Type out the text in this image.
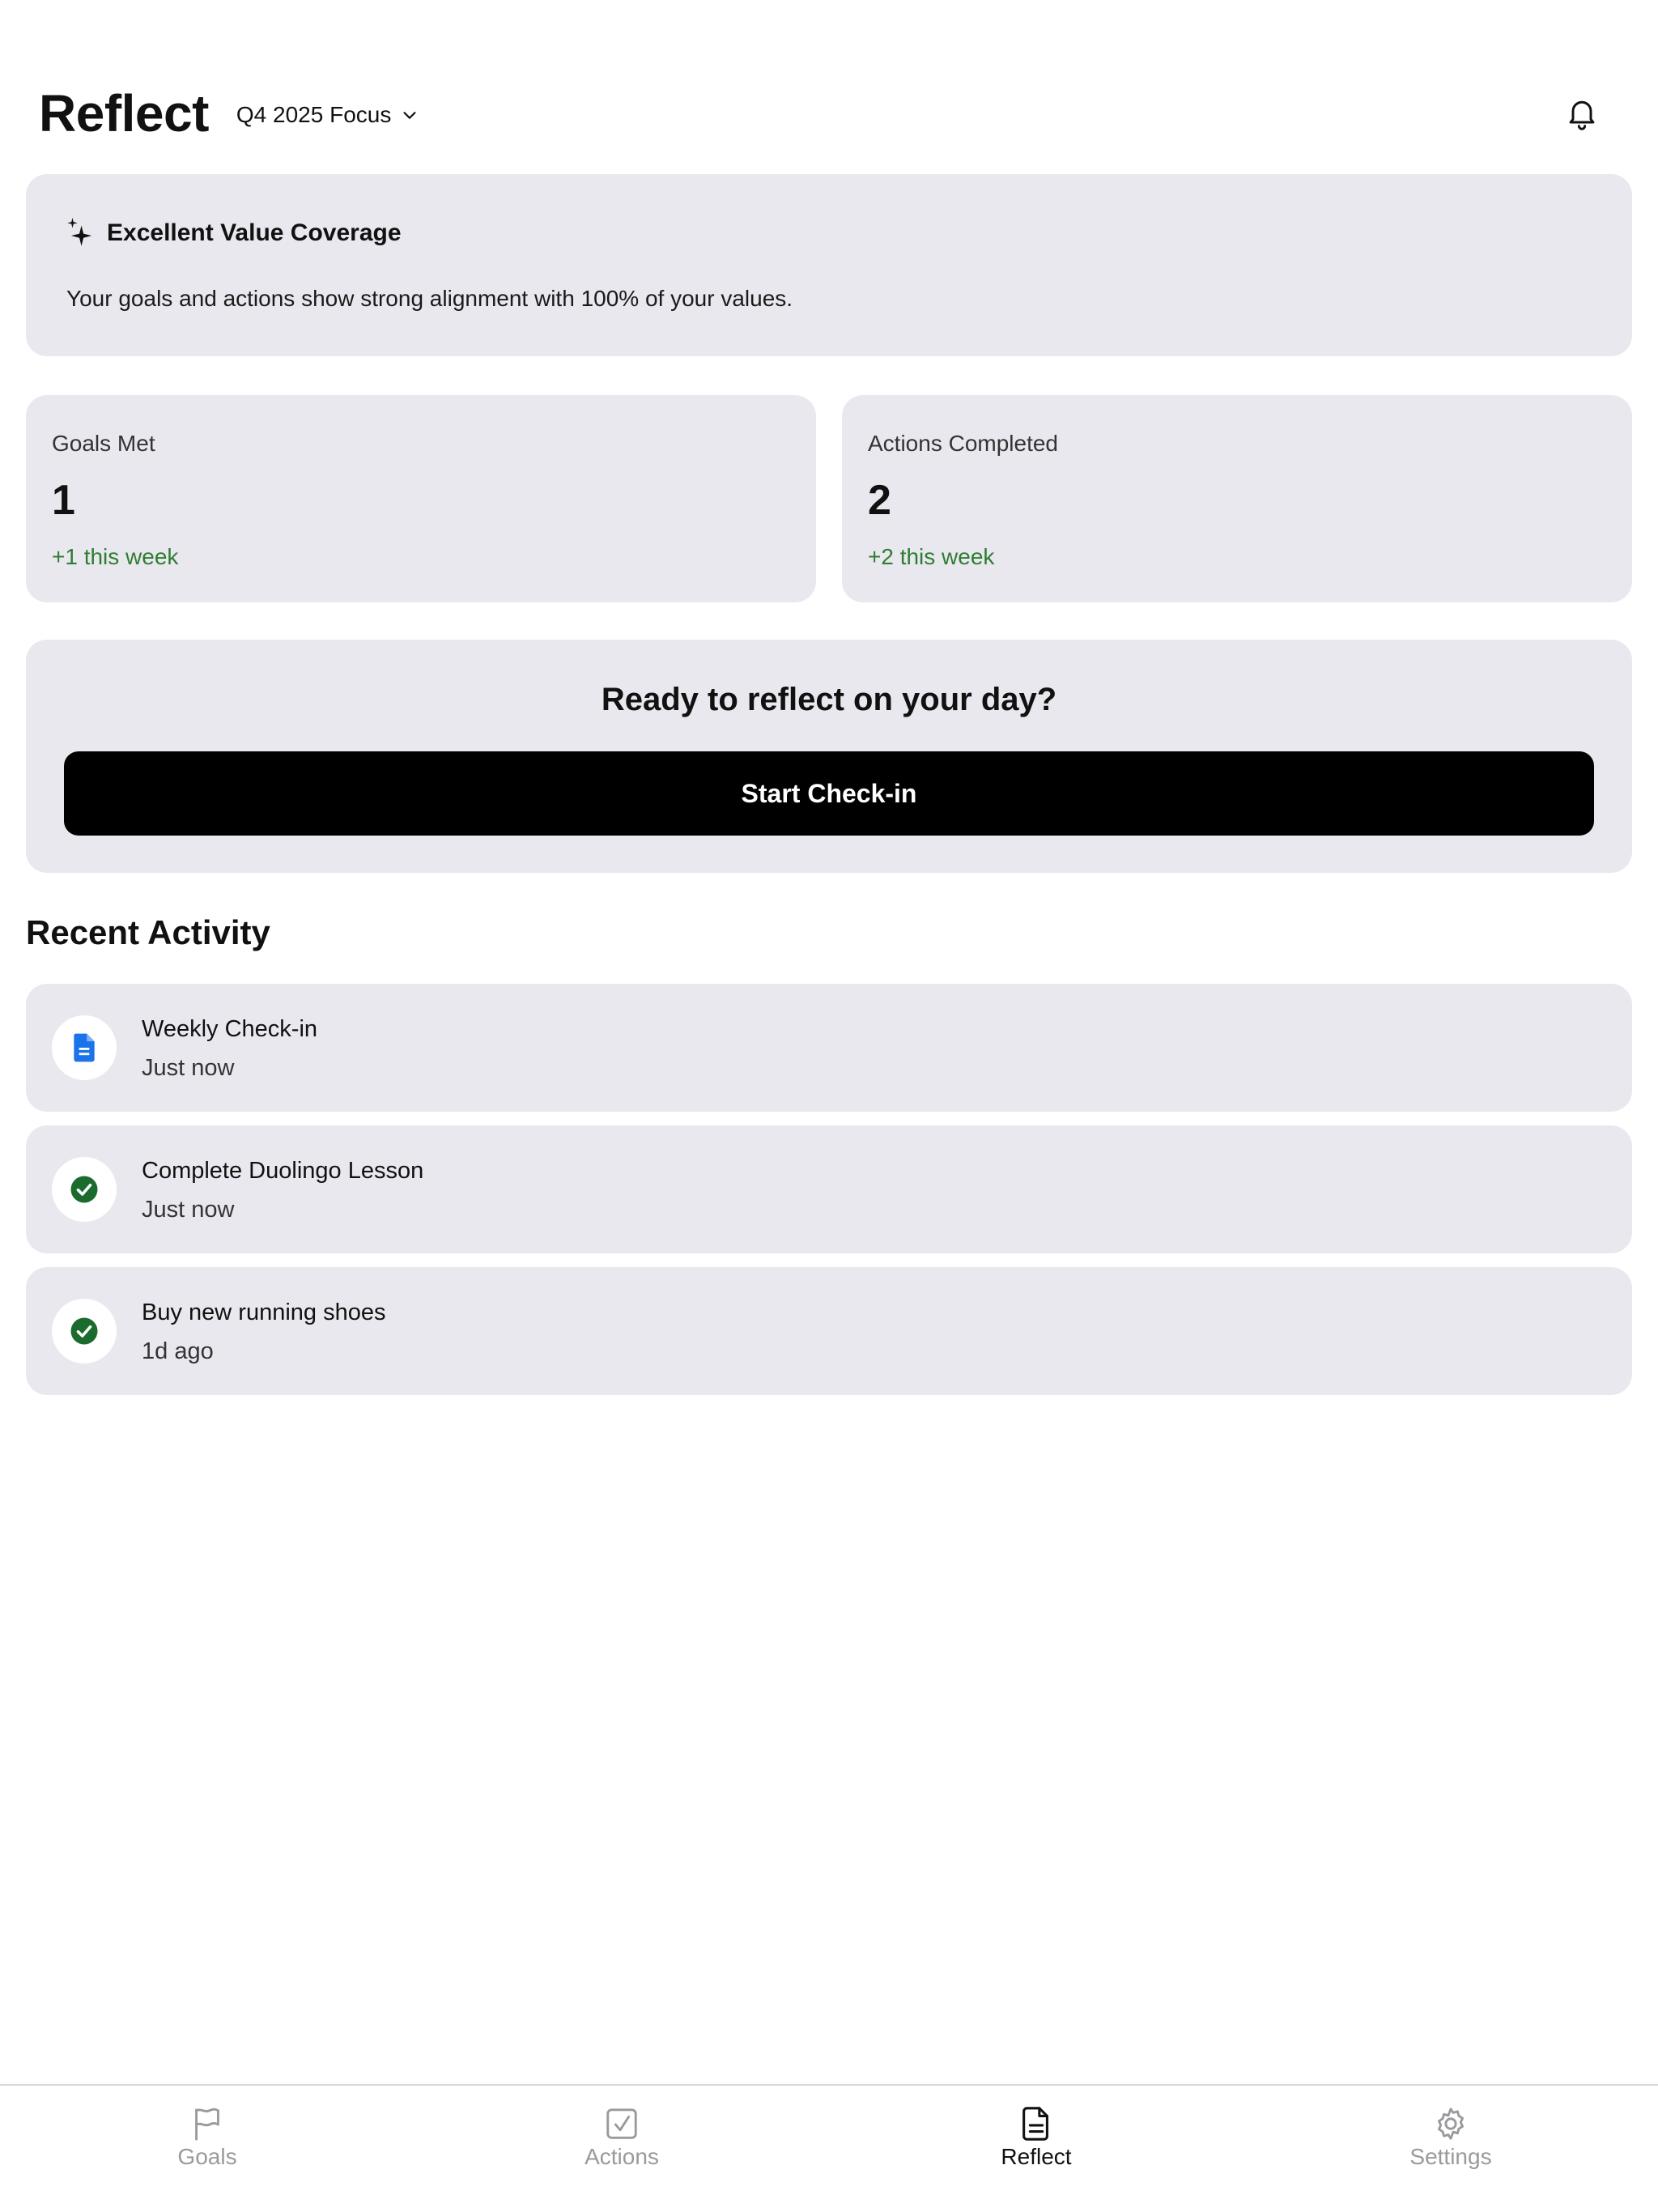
Reflect Q4 2025 Focus
Excellent Value Coverage
Your goals and actions show strong alignment with 100% of your values.
Goals Met
1
+1 this week
Actions Completed
2
+2 this week
Ready to reflect on your day?
Start Check-in
Recent Activity
Weekly Check-in
Just now
Complete Duolingo Lesson
Just now
Buy new running shoes
1d ago
Goals	Actions	Reflect	Settings
